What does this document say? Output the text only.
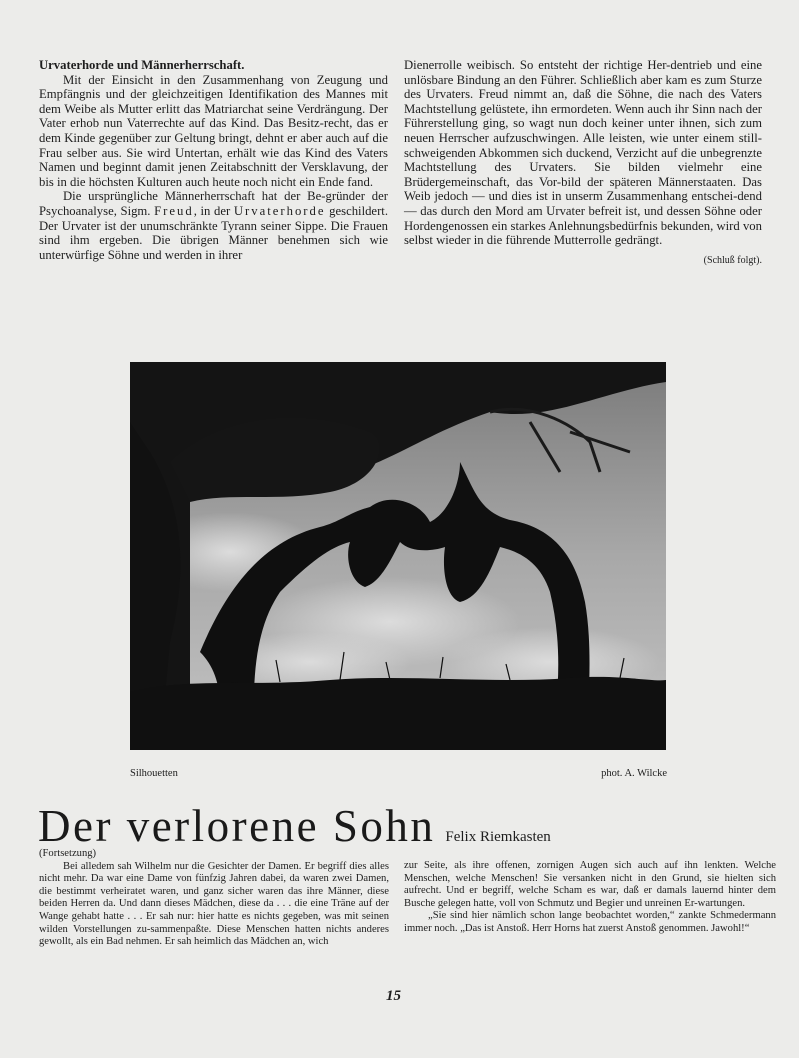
Urvaterhorde und Männerherrschaft.

Mit der Einsicht in den Zusammenhang von Zeugung und Empfängnis und der gleichzeitigen Identifikation des Mannes mit dem Weibe als Mutter erlitt das Matriarchat seine Verdrängung. Der Vater erhob nun Vaterrechte auf das Kind. Das Besitz-recht, das er dem Kinde gegenüber zur Geltung bringt, dehnt er aber auch auf die Frau selber aus. Sie wird Untertan, erhält wie das Kind des Vaters Namen und beginnt damit jenen Zeitabschnitt der Versklavung, der bis in die höchsten Kulturen auch heute noch nicht ein Ende fand.

Die ursprüngliche Männerherrschaft hat der Be-gründer der Psychoanalyse, Sigm. Freud, in der Urvaterhorde geschildert. Der Urvater ist der unumschränkte Tyrann seiner Sippe. Die Frauen sind ihm ergeben. Die übrigen Männer benehmen sich wie unterwürfige Söhne und werden in ihrer

Dienerrolle weibisch. So entsteht der richtige Her-dentrieb und eine unlösbare Bindung an den Führer. Schließlich aber kam es zum Sturze des Urvaters. Freud nimmt an, daß die Söhne, die nach des Vaters Machtstellung gelüstete, ihn ermordeten. Wenn auch ihr Sinn nach der Führerstellung ging, so wagt nun doch keiner unter ihnen, sich zum neuen Herrscher aufzuschwingen. Alle leisten, wie unter einem still-schweigenden Abkommen sich duckend, Verzicht auf die unbegrenzte Machtstellung des Urvaters. Sie bilden vielmehr eine Brüdergemeinschaft, das Vor-bild der späteren Männerstaaten. Das Weib jedoch — und dies ist in unserm Zusammenhang entschei-dend — das durch den Mord am Urvater befreit ist, und dessen Söhne oder Hordengenossen ein starkes Anlehnungsbedürfnis bekunden, wird von selbst wieder in die führende Mutterrolle gedrängt.

(Schluß folgt).

Silhouetten	phot. A. Wilcke
Der verlorene Sohn Felix Riemkasten

(Fortsetzung)

Bei alledem sah Wilhelm nur die Gesichter der Damen. Er begriff dies alles nicht mehr. Da war eine Dame von fünfzig Jahren dabei, da waren zwei Damen, die bestimmt verheiratet waren, und ganz sicher waren das ihre Männer, diese beiden Herren da. Und dann dieses Mädchen, diese da . . . die eine Träne auf der Wange gehabt hatte . . . Er sah nur: hier hatte es nichts gegeben, was mit seinen wilden Vorstellungen zu-sammenpaßte. Diese Menschen hatten nichts anderes gewollt, als ein Bad nehmen. Er sah heimlich das Mädchen an, wich

zur Seite, als ihre offenen, zornigen Augen sich auch auf ihn lenkten. Welche Menschen, welche Menschen! Sie versanken nicht in den Grund, sie hielten sich aufrecht. Und er begriff, welche Scham es war, daß er damals lauernd hinter dem Busche gelegen hatte, voll von Schmutz und Begier und unreinen Er-wartungen.

„Sie sind hier nämlich schon lange beobachtet worden,“ zankte Schmedermann immer noch. „Das ist Anstoß. Herr Horns hat zuerst Anstoß genommen. Jawohl!“

15
